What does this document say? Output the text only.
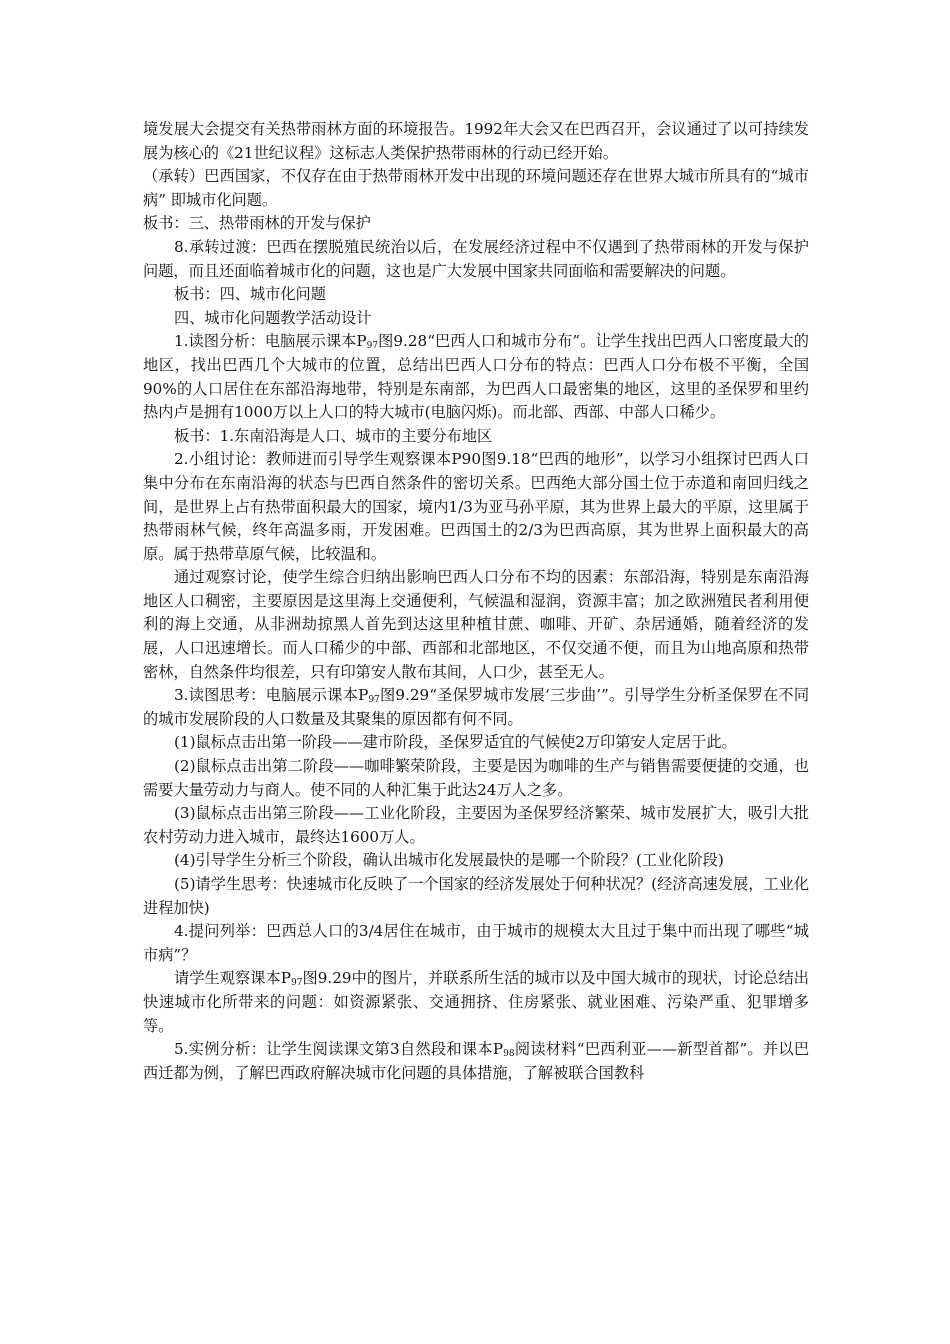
境发展大会提交有关热带雨林方面的环境报告。1992年大会又在巴西召开，会议通过了以可持续发展为核心的《21世纪议程》这标志人类保护热带雨林的行动已经开始。

（承转）巴西国家，不仅存在由于热带雨林开发中出现的环境问题还存在世界大城市所具有的“城市病” 即城市化问题。

板书：三、热带雨林的开发与保护

8.承转过渡：巴西在摆脱殖民统治以后，在发展经济过程中不仅遇到了热带雨林的开发与保护问题，而且还面临着城市化的问题，这也是广大发展中国家共同面临和需要解决的问题。

板书：四、城市化问题

四、城市化问题教学活动设计

1.读图分析：电脑展示课本$P_{97}$图9.28“巴西人口和城市分布”。让学生找出巴西人口密度最大的地区，找出巴西几个大城市的位置，总结出巴西人口分布的特点：巴西人口分布极不平衡，全国90%的人口居住在东部沿海地带，特别是东南部，为巴西人口最密集的地区，这里的圣保罗和里约热内卢是拥有1000万以上人口的特大城市(电脑闪烁)。而北部、西部、中部人口稀少。

板书：1.东南沿海是人口、城市的主要分布地区

2.小组讨论：教师进而引导学生观察课本P90图9.18“巴西的地形”，以学习小组探讨巴西人口集中分布在东南沿海的状态与巴西自然条件的密切关系。巴西绝大部分国土位于赤道和南回归线之间，是世界上占有热带面积最大的国家，境内1/3为亚马孙平原，其为世界上最大的平原，这里属于热带雨林气候，终年高温多雨，开发困难。巴西国土的2/3为巴西高原，其为世界上面积最大的高原。属于热带草原气候，比较温和。

通过观察讨论，使学生综合归纳出影响巴西人口分布不均的因素：东部沿海，特别是东南沿海地区人口稠密，主要原因是这里海上交通便利，气候温和湿润，资源丰富；加之欧洲殖民者利用便利的海上交通，从非洲劫掠黑人首先到达这里种植甘蔗、咖啡、开矿、杂居通婚，随着经济的发展，人口迅速增长。而人口稀少的中部、西部和北部地区，不仅交通不便，而且为山地高原和热带密林，自然条件均很差，只有印第安人散布其间，人口少，甚至无人。

3.读图思考：电脑展示课本$P_{97}$图9.29“圣保罗城市发展‘三步曲’”。引导学生分析圣保罗在不同的城市发展阶段的人口数量及其聚集的原因都有何不同。

(1)鼠标点击出第一阶段——建市阶段，圣保罗适宜的气候使2万印第安人定居于此。

(2)鼠标点击出第二阶段——咖啡繁荣阶段，主要是因为咖啡的生产与销售需要便捷的交通，也需要大量劳动力与商人。使不同的人种汇集于此达24万人之多。

(3)鼠标点击出第三阶段——工业化阶段，主要因为圣保罗经济繁荣、城市发展扩大，吸引大批农村劳动力进入城市，最终达1600万人。

(4)引导学生分析三个阶段，确认出城市化发展最快的是哪一个阶段？(工业化阶段)

(5)请学生思考：快速城市化反映了一个国家的经济发展处于何种状况？(经济高速发展，工业化进程加快)

4.提问列举：巴西总人口的3/4居住在城市，由于城市的规模太大且过于集中而出现了哪些“城市病”？

请学生观察课本$P_{97}$图9.29中的图片，并联系所生活的城市以及中国大城市的现状，讨论总结出快速城市化所带来的问题：如资源紧张、交通拥挤、住房紧张、就业困难、污染严重、犯罪增多等。

5.实例分析：让学生阅读课文第3自然段和课本$P_{98}$阅读材料“巴西利亚——新型首都”。并以巴西迁都为例，了解巴西政府解决城市化问题的具体措施，了解被联合国教科
